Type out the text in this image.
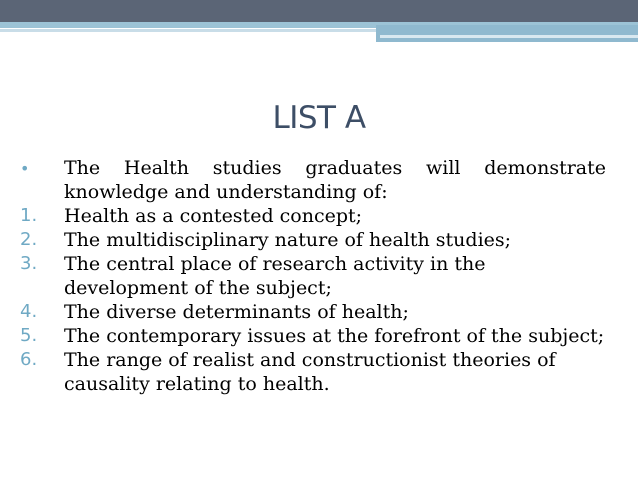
LIST A
•	The Health studies graduates will demonstrate knowledge and understanding of:
1.	Health as a contested concept;
2.	The multidisciplinary nature of health studies;
3.	The central place of research activity in the development of the subject;
4.	The diverse determinants of health;
5.	The contemporary issues at the forefront of the subject;
6.	The range of realist and constructionist theories of causality relating to health.
